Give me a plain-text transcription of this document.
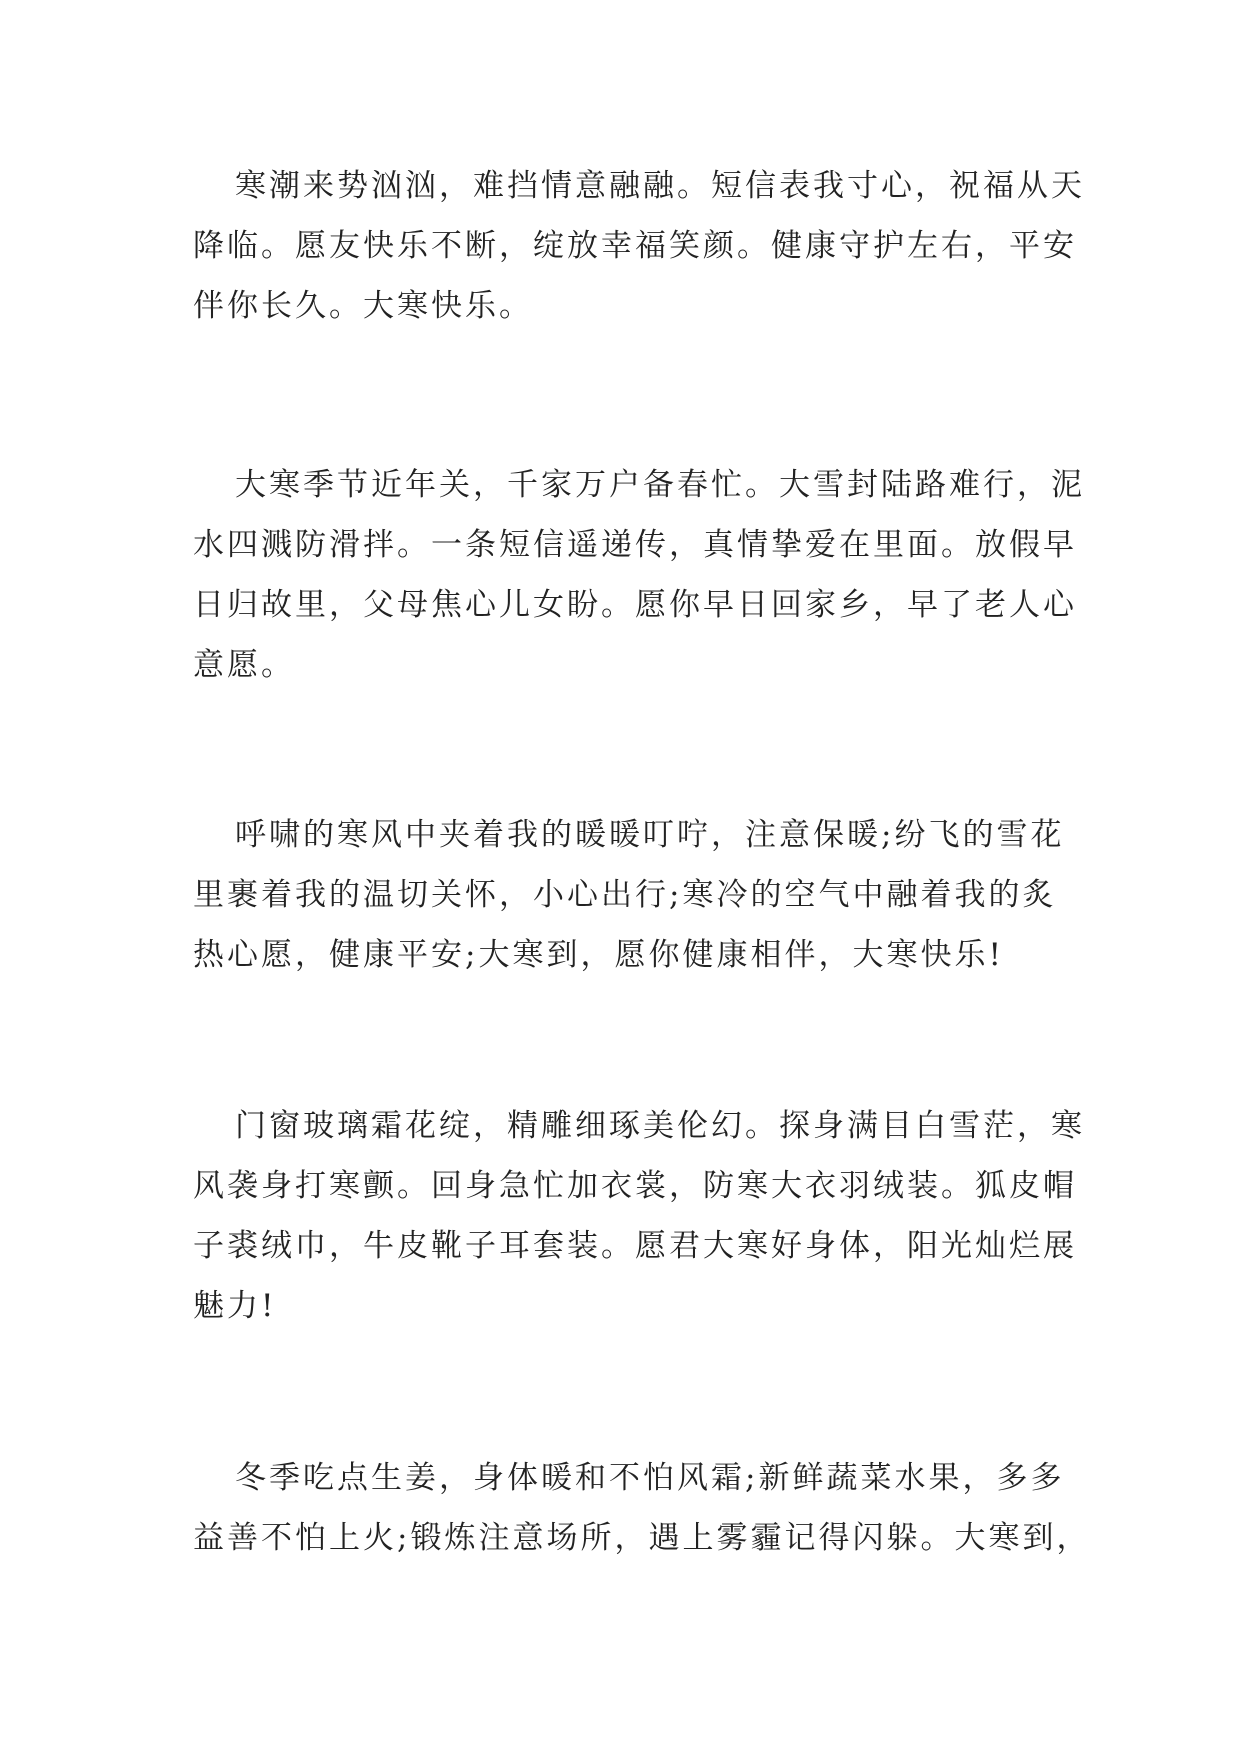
寒潮来势汹汹，难挡情意融融。短信表我寸心，祝福从天
降临。愿友快乐不断，绽放幸福笑颜。健康守护左右，平安
伴你长久。大寒快乐。

大寒季节近年关，千家万户备春忙。大雪封陆路难行，泥
水四溅防滑拌。一条短信遥递传，真情挚爱在里面。放假早
日归故里，父母焦心儿女盼。愿你早日回家乡，早了老人心
意愿。

呼啸的寒风中夹着我的暖暖叮咛，注意保暖;纷飞的雪花
里裹着我的温切关怀，小心出行;寒冷的空气中融着我的炙
热心愿，健康平安;大寒到，愿你健康相伴，大寒快乐!

门窗玻璃霜花绽，精雕细琢美伦幻。探身满目白雪茫，寒
风袭身打寒颤。回身急忙加衣裳，防寒大衣羽绒装。狐皮帽
子裘绒巾，牛皮靴子耳套装。愿君大寒好身体，阳光灿烂展
魅力!

冬季吃点生姜，身体暖和不怕风霜;新鲜蔬菜水果，多多
益善不怕上火;锻炼注意场所，遇上雾霾记得闪躲。大寒到，
